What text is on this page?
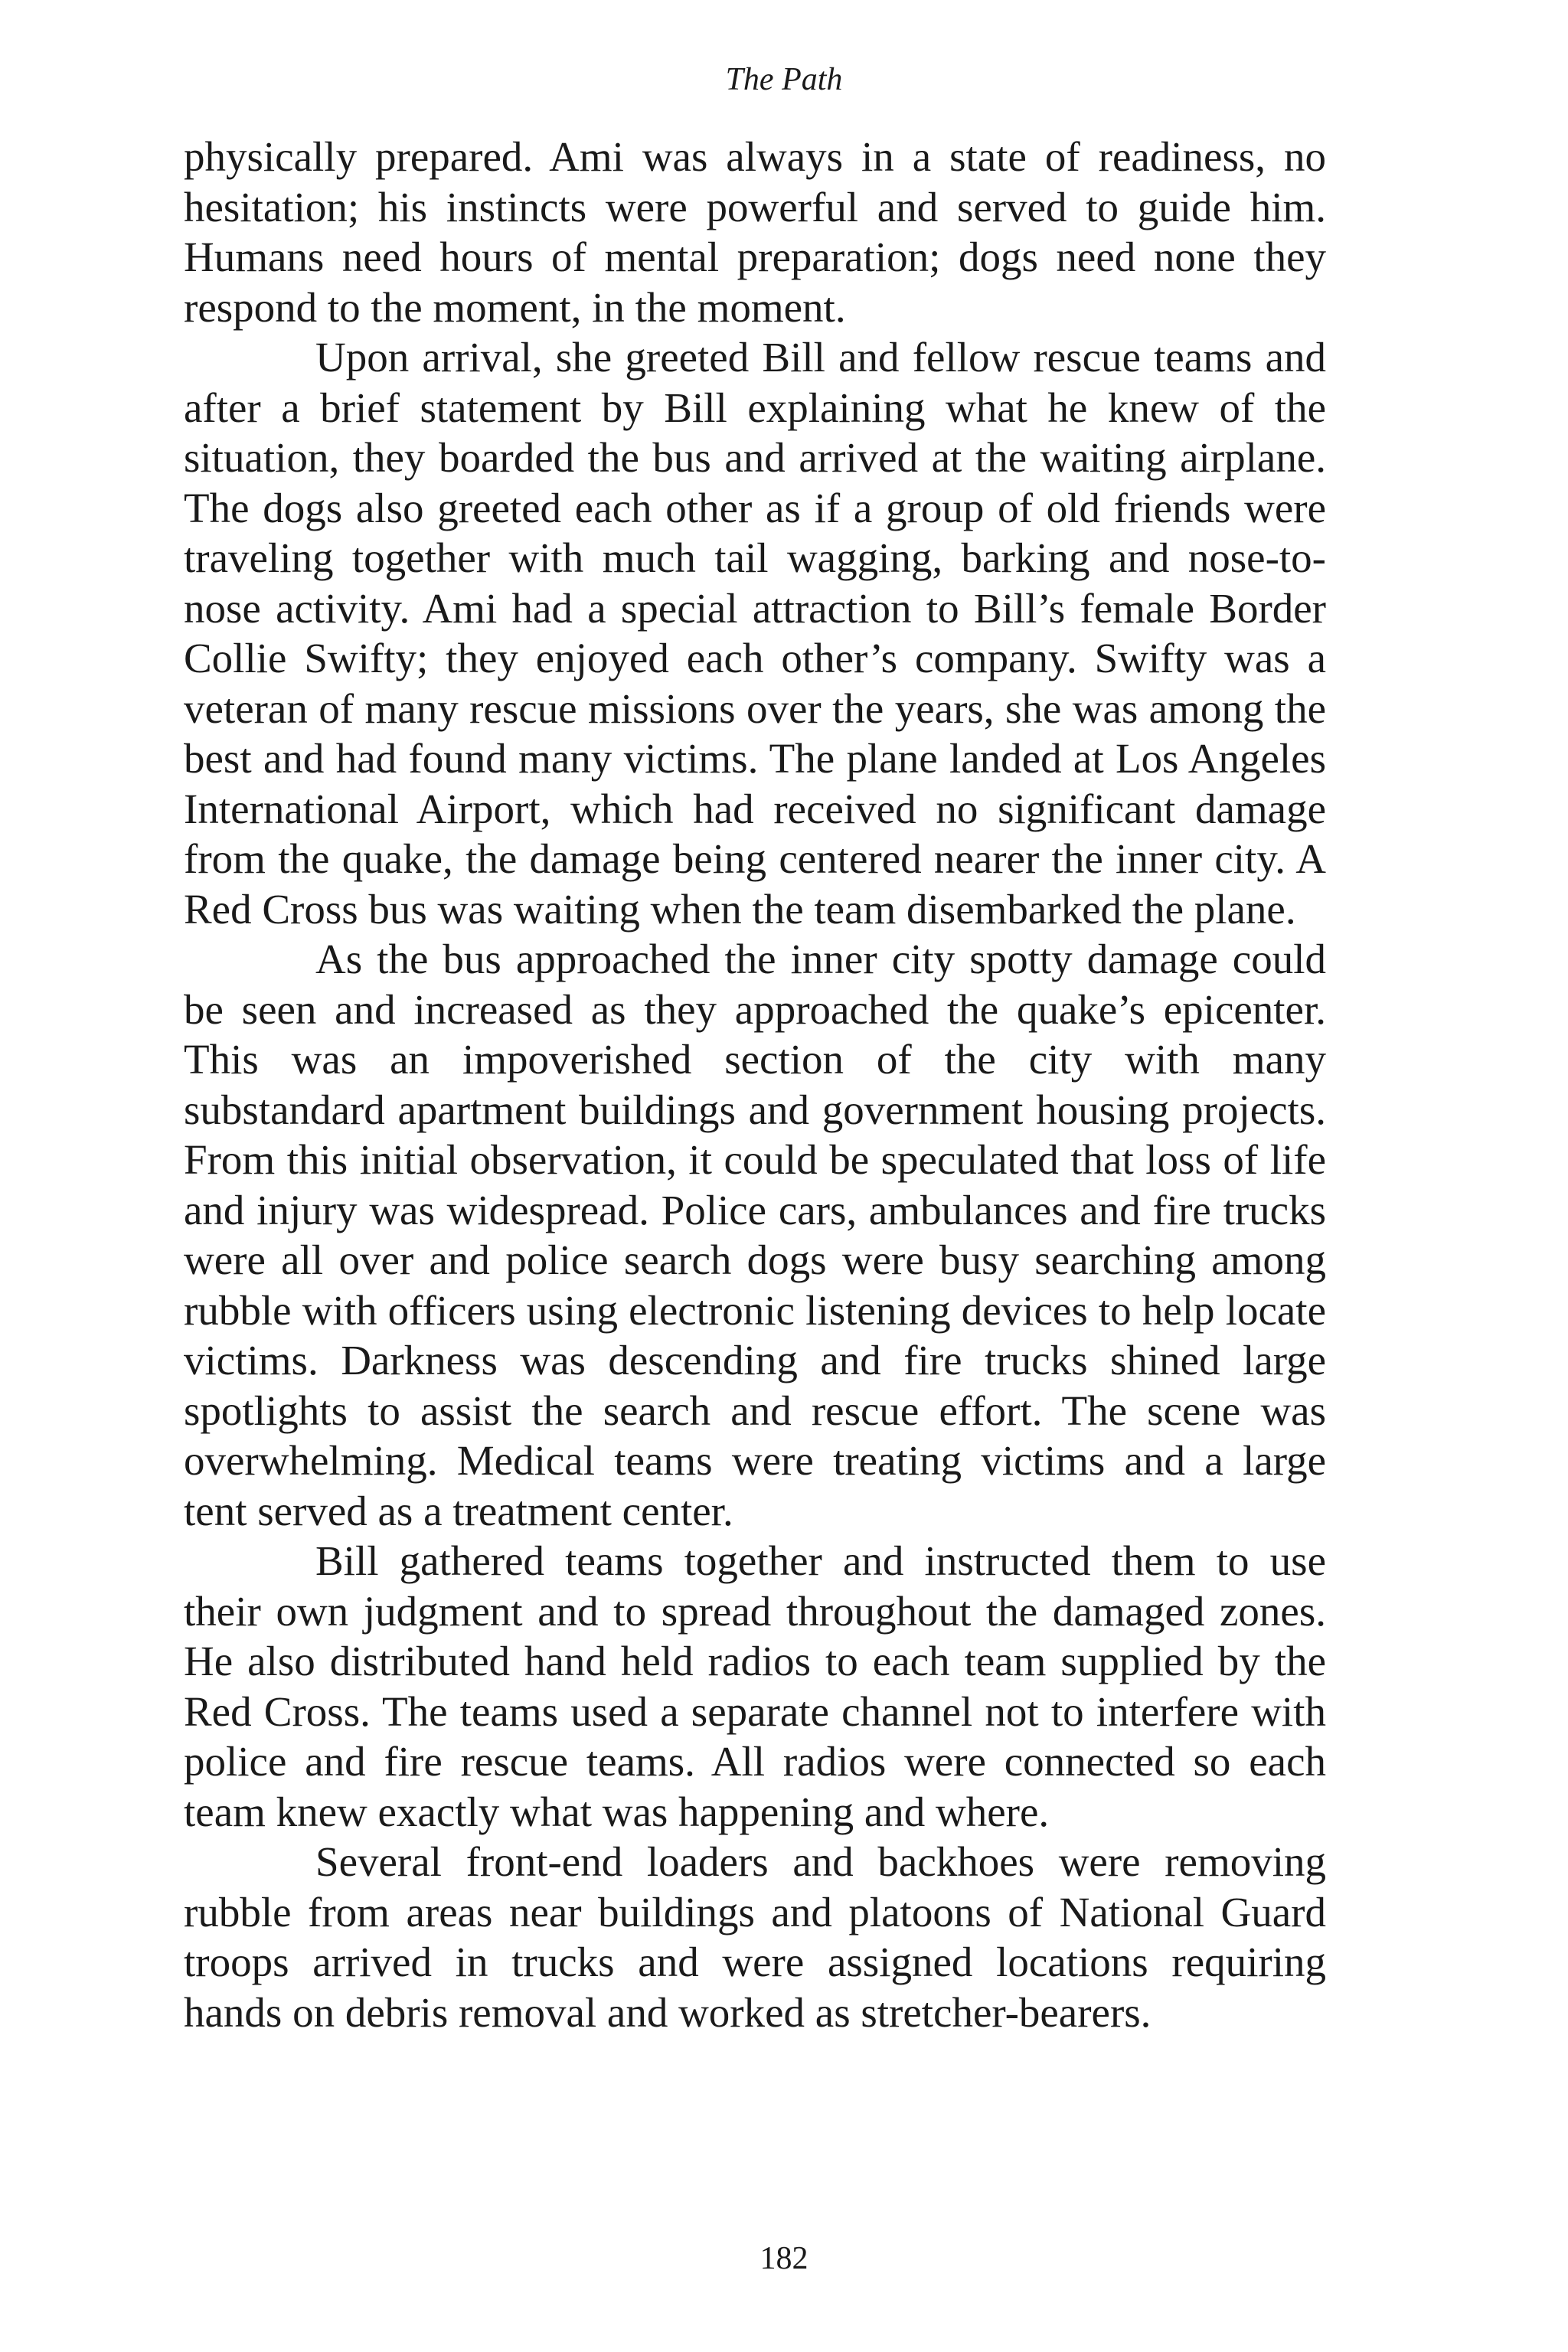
The Path

physically prepared. Ami was always in a state of readiness, no hesitation; his instincts were powerful and served to guide him. Humans need hours of mental preparation; dogs need none they respond to the moment, in the moment.

Upon arrival, she greeted Bill and fellow rescue teams and after a brief statement by Bill explaining what he knew of the situation, they boarded the bus and arrived at the waiting airplane. The dogs also greeted each other as if a group of old friends were traveling together with much tail wagging, barking and nose-to-nose activity. Ami had a special attraction to Bill’s female Border Collie Swifty; they enjoyed each other’s company. Swifty was a veteran of many rescue missions over the years, she was among the best and had found many victims. The plane landed at Los Angeles International Airport, which had received no significant damage from the quake, the damage being centered nearer the inner city. A Red Cross bus was waiting when the team disembarked the plane.

As the bus approached the inner city spotty damage could be seen and increased as they approached the quake’s epicenter. This was an impoverished section of the city with many substandard apartment buildings and government housing projects. From this initial observation, it could be speculated that loss of life and injury was widespread. Police cars, ambulances and fire trucks were all over and police search dogs were busy searching among rubble with officers using electronic listening devices to help locate victims. Darkness was descending and fire trucks shined large spotlights to assist the search and rescue effort. The scene was overwhelming. Medical teams were treating victims and a large tent served as a treatment center.

Bill gathered teams together and instructed them to use their own judgment and to spread throughout the damaged zones. He also distributed hand held radios to each team supplied by the Red Cross. The teams used a separate channel not to interfere with police and fire rescue teams. All radios were connected so each team knew exactly what was happening and where.

Several front-end loaders and backhoes were removing rubble from areas near buildings and platoons of National Guard troops arrived in trucks and were assigned locations requiring hands on debris removal and worked as stretcher-bearers.

182
